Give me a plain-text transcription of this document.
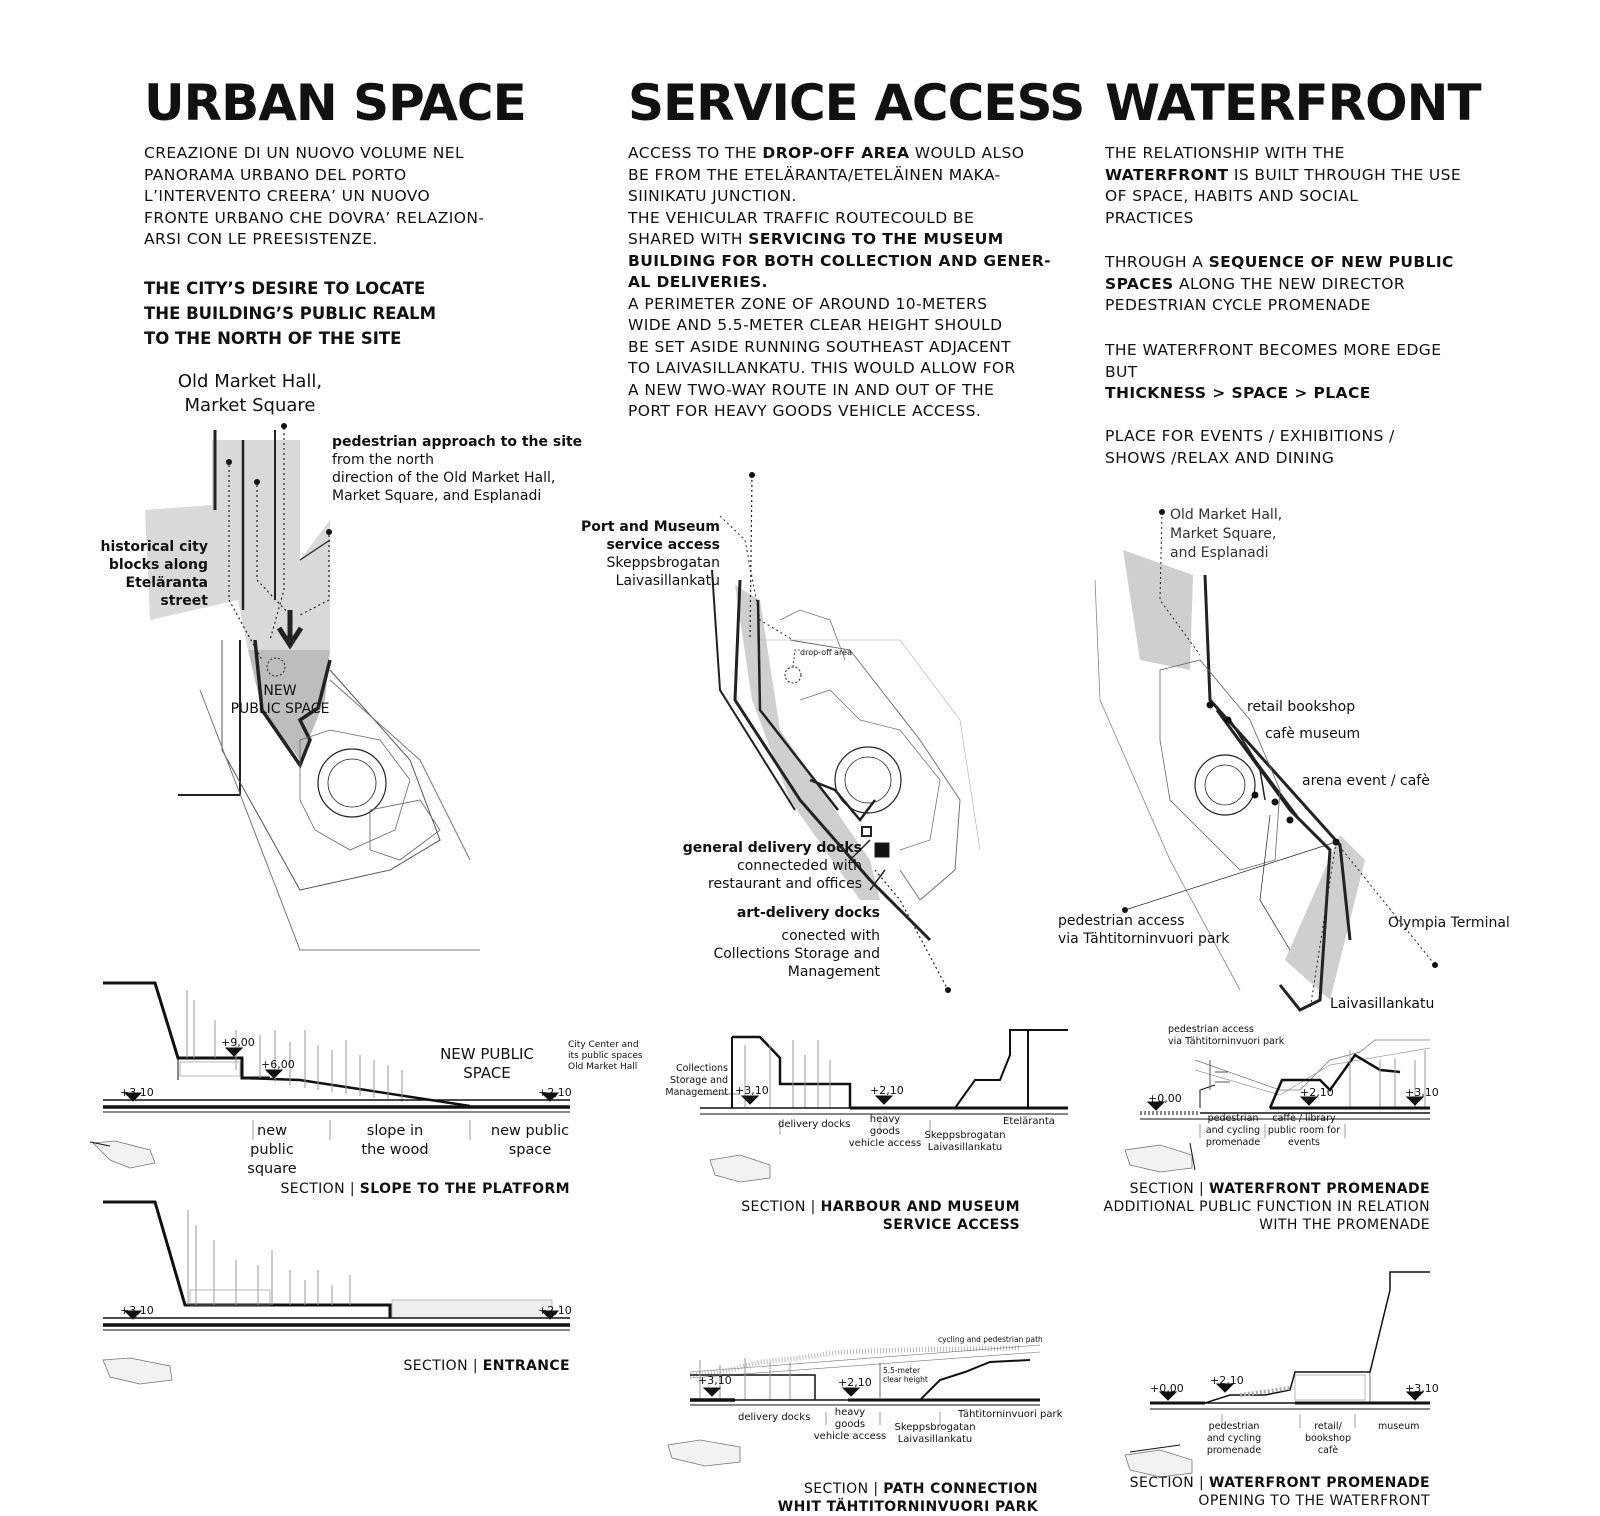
URBAN SPACE
CREAZIONE DI UN NUOVO VOLUME NEL
PANORAMA URBANO DEL PORTO
L’INTERVENTO CREERA’ UN NUOVO
FRONTE URBANO CHE DOVRA’ RELAZION-
ARSI CON LE PREESISTENZE.
THE CITY’S DESIRE TO LOCATE THE BUILDING’S PUBLIC REALM TO THE NORTH OF THE SITE
Old Market Hall,
Market Square
pedestrian approach to the site
from the north
direction of the Old Market Hall,
Market Square, and Esplanadi
historical city
blocks along
Eteläranta
street
NEW
PUBLIC SPACE
+3,10
+9,00
+6,00
+2,10
NEW PUBLIC
SPACE
City Center and
its public spaces
Old Market Hall
new
public
square
slope in
the wood
new public
space
SECTION | SLOPE TO THE PLATFORM
+3,10	+2,10
SECTION | ENTRANCE
SERVICE ACCESS
ACCESS TO THE DROP-OFF AREA WOULD ALSO
BE FROM THE ETELÄRANTA/ETELÄINEN MAKA-
SIINIKATU JUNCTION.
THE VEHICULAR TRAFFIC ROUTECOULD BE
SHARED WITH SERVICING TO THE MUSEUM
BUILDING FOR BOTH COLLECTION AND GENER-
AL DELIVERIES.
A PERIMETER ZONE OF AROUND 10-METERS
WIDE AND 5.5-METER CLEAR HEIGHT SHOULD
BE SET ASIDE RUNNING SOUTHEAST ADJACENT
TO LAIVASILLANKATU. THIS WOULD ALLOW FOR
A NEW TWO-WAY ROUTE IN AND OUT OF THE
PORT FOR HEAVY GOODS VEHICLE ACCESS.
Port and Museum
service access
Skeppsbrogatan
Laivasillankatu
drop-off area
general delivery docks
connecteded with
restaurant and offices
art-delivery docks
conected with
Collections Storage and
Management
Collections
Storage and
Management +3,10	+2,10
delivery docks	heavy
goods
vehicle access
Skeppsbrogatan
Laivasillankatu
Eteläranta

SECTION | HARBOUR AND MUSEUM
SERVICE ACCESS

cycling and pedestrian path
5.5-meter
clear height
+3,10	+2,10
delivery docks	heavy
goods
vehicle access
Skeppsbrogatan
Laivasillankatu
Tähtitorninvuori park

SECTION | PATH CONNECTION
WHIT TÄHTITORNINVUORI PARK

WATERFRONT
THE RELATIONSHIP WITH THE
WATERFRONT IS BUILT THROUGH THE USE
OF SPACE, HABITS AND SOCIAL
PRACTICES
THROUGH A SEQUENCE OF NEW PUBLIC
SPACES ALONG THE NEW DIRECTOR
PEDESTRIAN CYCLE PROMENADE
THE WATERFRONT BECOMES MORE EDGE
BUT
THICKNESS > SPACE > PLACE
PLACE FOR EVENTS / EXHIBITIONS /
SHOWS /RELAX AND DINING
Old Market Hall,
Market Square,
and Esplanadi
retail bookshop
cafè museum
arena event / cafè
pedestrian access
via Tähtitorninvuori park
Olympia Terminal
Laivasillankatu
pedestrian access
via Tähtitorninvuori park
+0,00	+2,10	+3,10
pedestrian
and cycling
promenade
caffè / library
public room for
events
SECTION | WATERFRONT PROMENADE
ADDITIONAL PUBLIC FUNCTION IN RELATION
WITH THE PROMENADE
+0,00
+2,10
+3,10
pedestrian
and cycling
promenade
retail/
bookshop
cafè
museum
SECTION | WATERFRONT PROMENADE
OPENING TO THE WATERFRONT
